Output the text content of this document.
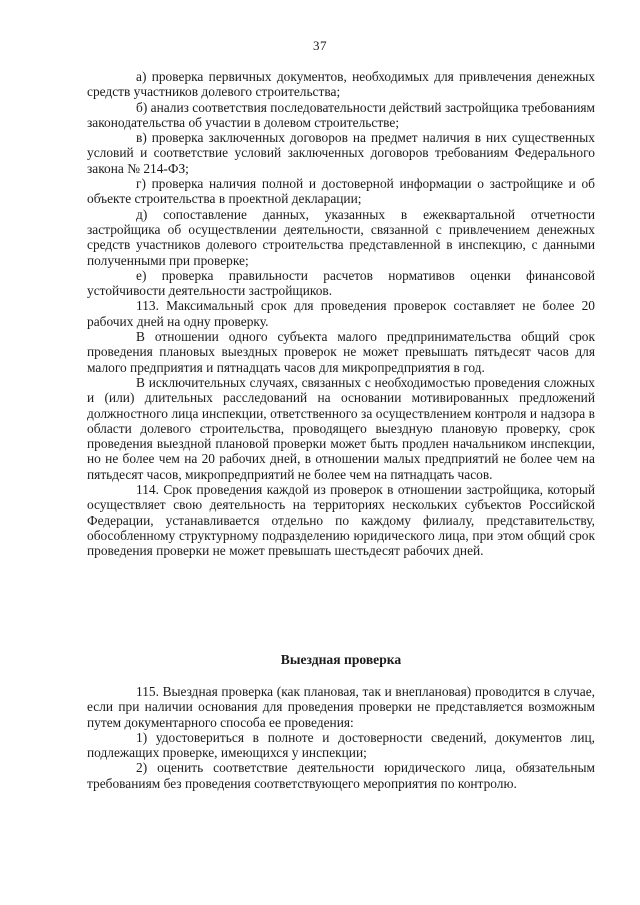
37

а) проверка первичных документов, необходимых для привлечения денежных средств участников долевого строительства;

б) анализ соответствия последовательности действий застройщика требованиям законодательства об участии в долевом строительстве;

в) проверка заключенных договоров на предмет наличия в них существенных условий и соответствие условий заключенных договоров требованиям Федерального закона № 214-ФЗ;

г) проверка наличия полной и достоверной информации о застройщике и об объекте строительства в проектной декларации;

д) сопоставление данных, указанных в ежеквартальной отчетности застройщика об осуществлении деятельности, связанной с привлечением денежных средств участников долевого строительства представленной в инспекцию, с данными полученными при проверке;

е) проверка правильности расчетов нормативов оценки финансовой устойчивости деятельности застройщиков.

113. Максимальный срок для проведения проверок составляет не более 20 рабочих дней на одну проверку.

В отношении одного субъекта малого предпринимательства общий срок проведения плановых выездных проверок не может превышать пятьдесят часов для малого предприятия и пятнадцать часов для микропредприятия в год.

В исключительных случаях, связанных с необходимостью проведения сложных и (или) длительных расследований на основании мотивированных предложений должностного лица инспекции, ответственного за осуществлением контроля и надзора в области долевого строительства, проводящего выездную плановую проверку, срок проведения выездной плановой проверки может быть продлен начальником инспекции, но не более чем на 20 рабочих дней, в отношении малых предприятий не более чем на пятьдесят часов, микропредприятий не более чем на пятнадцать часов.

114. Срок проведения каждой из проверок в отношении застройщика, который осуществляет свою деятельность на территориях нескольких субъектов Российской Федерации, устанавливается отдельно по каждому филиалу, представительству, обособленному структурному подразделению юридического лица, при этом общий срок проведения проверки не может превышать шестьдесят рабочих дней.

Выездная проверка

115. Выездная проверка (как плановая, так и внеплановая) проводится в случае, если при наличии основания для проведения проверки не представляется возможным путем документарного способа ее проведения:

1) удостовериться в полноте и достоверности сведений, документов лиц, подлежащих проверке, имеющихся у инспекции;

2) оценить соответствие деятельности юридического лица, обязательным требованиям без проведения соответствующего мероприятия по контролю.
